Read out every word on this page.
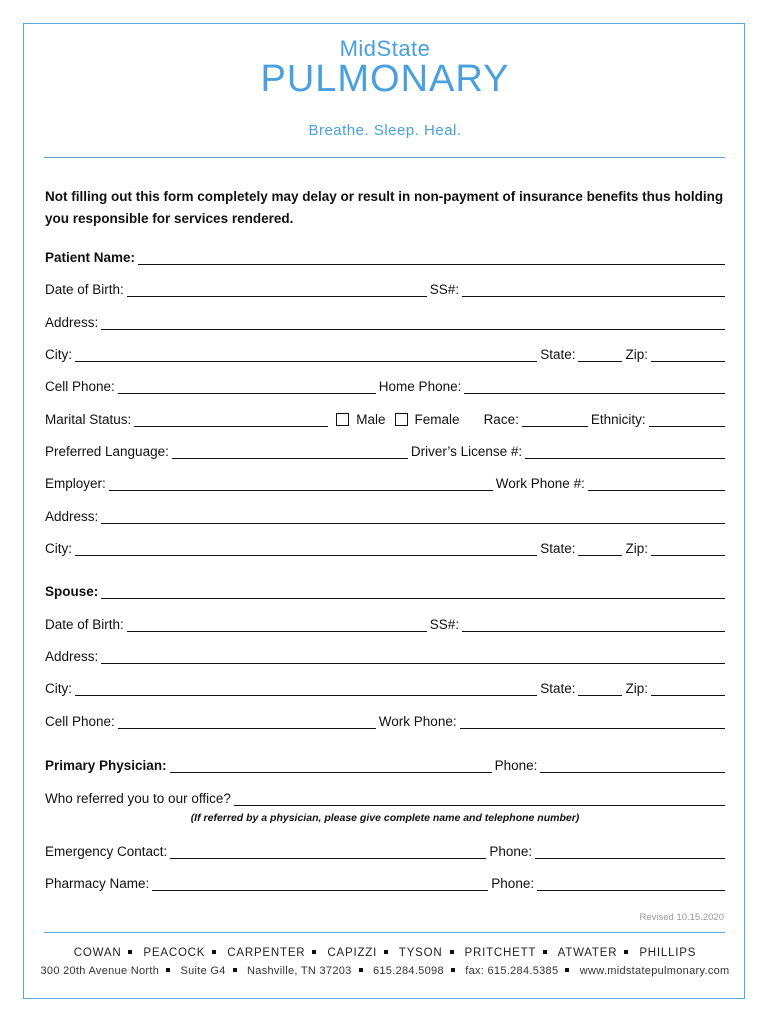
MidState
PULMONARY
Breathe. Sleep. Heal.
Not filling out this form completely may delay or result in non-payment of insurance benefits thus holding you responsible for services rendered.
Patient Name:
Date of Birth:	SS#:
Address:
City:	State:	Zip:
Cell Phone:	Home Phone:
Marital Status:	Male Female	Race:	Ethnicity:
Preferred Language:	Driver’s License #:
Employer:	Work Phone #:
Address:
City:	State:	Zip:
Spouse:
Date of Birth:	SS#:
Address:
City:	State:	Zip:
Cell Phone:	Work Phone:
Primary Physician:	Phone:
Who referred you to our office?
(If referred by a physician, please give complete name and telephone number)
Emergency Contact:	Phone:
Pharmacy Name:	Phone:
Revised 10.15.2020
COWAN PEACOCK CARPENTER CAPIZZI TYSON PRITCHETT ATWATER PHILLIPS
300 20th Avenue North Suite G4 Nashville, TN 37203 615.284.5098 fax: 615.284.5385 www.midstatepulmonary.com
